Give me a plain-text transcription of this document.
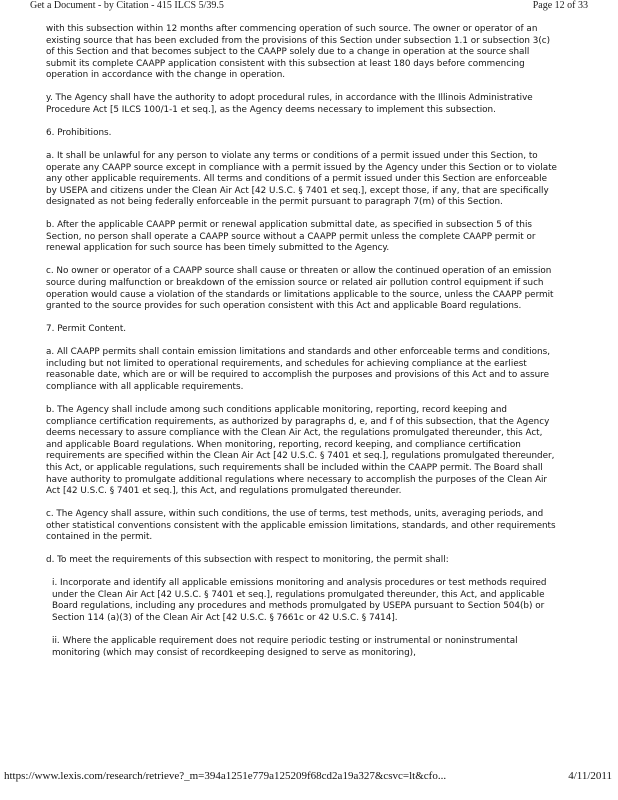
Get a Document - by Citation - 415 ILCS 5/39.5	Page 12 of 33

with this subsection within 12 months after commencing operation of such source. The owner or operator of an existing source that has been excluded from the provisions of this Section under subsection 1.1 or subsection 3(c) of this Section and that becomes subject to the CAAPP solely due to a change in operation at the source shall submit its complete CAAPP application consistent with this subsection at least 180 days before commencing operation in accordance with the change in operation.

y. The Agency shall have the authority to adopt procedural rules, in accordance with the Illinois Administrative Procedure Act [5 ILCS 100/1-1 et seq.], as the Agency deems necessary to implement this subsection.

6. Prohibitions.

a. It shall be unlawful for any person to violate any terms or conditions of a permit issued under this Section, to operate any CAAPP source except in compliance with a permit issued by the Agency under this Section or to violate any other applicable requirements. All terms and conditions of a permit issued under this Section are enforceable by USEPA and citizens under the Clean Air Act [42 U.S.C. § 7401 et seq.], except those, if any, that are specifically designated as not being federally enforceable in the permit pursuant to paragraph 7(m) of this Section.

b. After the applicable CAAPP permit or renewal application submittal date, as specified in subsection 5 of this Section, no person shall operate a CAAPP source without a CAAPP permit unless the complete CAAPP permit or renewal application for such source has been timely submitted to the Agency.

c. No owner or operator of a CAAPP source shall cause or threaten or allow the continued operation of an emission source during malfunction or breakdown of the emission source or related air pollution control equipment if such operation would cause a violation of the standards or limitations applicable to the source, unless the CAAPP permit granted to the source provides for such operation consistent with this Act and applicable Board regulations.

7. Permit Content.

a. All CAAPP permits shall contain emission limitations and standards and other enforceable terms and conditions, including but not limited to operational requirements, and schedules for achieving compliance at the earliest reasonable date, which are or will be required to accomplish the purposes and provisions of this Act and to assure compliance with all applicable requirements.

b. The Agency shall include among such conditions applicable monitoring, reporting, record keeping and compliance certification requirements, as authorized by paragraphs d, e, and f of this subsection, that the Agency deems necessary to assure compliance with the Clean Air Act, the regulations promulgated thereunder, this Act, and applicable Board regulations. When monitoring, reporting, record keeping, and compliance certification requirements are specified within the Clean Air Act [42 U.S.C. § 7401 et seq.], regulations promulgated thereunder, this Act, or applicable regulations, such requirements shall be included within the CAAPP permit. The Board shall have authority to promulgate additional regulations where necessary to accomplish the purposes of the Clean Air Act [42 U.S.C. § 7401 et seq.], this Act, and regulations promulgated thereunder.

c. The Agency shall assure, within such conditions, the use of terms, test methods, units, averaging periods, and other statistical conventions consistent with the applicable emission limitations, standards, and other requirements contained in the permit.

d. To meet the requirements of this subsection with respect to monitoring, the permit shall:

i. Incorporate and identify all applicable emissions monitoring and analysis procedures or test methods required under the Clean Air Act [42 U.S.C. § 7401 et seq.], regulations promulgated thereunder, this Act, and applicable Board regulations, including any procedures and methods promulgated by USEPA pursuant to Section 504(b) or Section 114 (a)(3) of the Clean Air Act [42 U.S.C. § 7661c or 42 U.S.C. § 7414].

ii. Where the applicable requirement does not require periodic testing or instrumental or noninstrumental monitoring (which may consist of recordkeeping designed to serve as monitoring),

https://www.lexis.com/research/retrieve?_m=394a1251e779a125209f68cd2a19a327&csvc=lt&cfo...	4/11/2011
